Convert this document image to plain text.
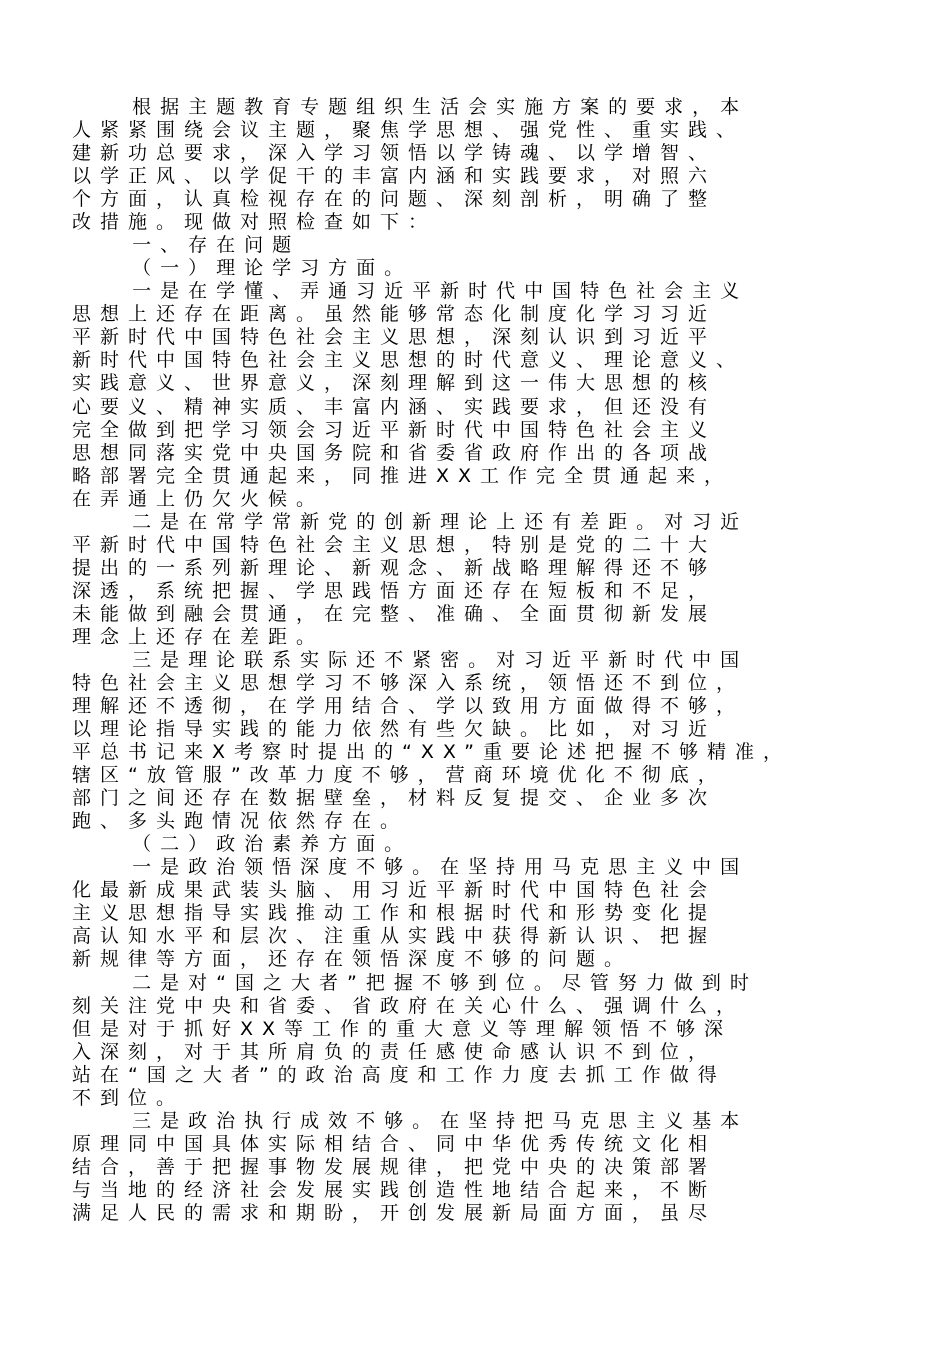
根据主题教育专题组织生活会实施方案的要求，本
人紧紧围绕会议主题，聚焦学思想、强党性、重实践、
建新功总要求，深入学习领悟以学铸魂、以学增智、
以学正风、以学促干的丰富内涵和实践要求，对照六
个方面，认真检视存在的问题、深刻剖析，明确了整
改措施。现做对照检查如下：
一、存在问题
（一）理论学习方面。
一是在学懂、弄通习近平新时代中国特色社会主义
思想上还存在距离。虽然能够常态化制度化学习习近
平新时代中国特色社会主义思想，深刻认识到习近平
新时代中国特色社会主义思想的时代意义、理论意义、
实践意义、世界意义，深刻理解到这一伟大思想的核
心要义、精神实质、丰富内涵、实践要求，但还没有
完全做到把学习领会习近平新时代中国特色社会主义
思想同落实党中央国务院和省委省政府作出的各项战
略部署完全贯通起来，同推进XX工作完全贯通起来，
在弄通上仍欠火候。
二是在常学常新党的创新理论上还有差距。对习近
平新时代中国特色社会主义思想，特别是党的二十大
提出的一系列新理论、新观念、新战略理解得还不够
深透，系统把握、学思践悟方面还存在短板和不足，
未能做到融会贯通，在完整、准确、全面贯彻新发展
理念上还存在差距。
三是理论联系实际还不紧密。对习近平新时代中国
特色社会主义思想学习不够深入系统，领悟还不到位，
理解还不透彻，在学用结合、学以致用方面做得不够，
以理论指导实践的能力依然有些欠缺。比如，对习近
平总书记来X考察时提出的“XX”重要论述把握不够精准，
辖区“放管服”改革力度不够，营商环境优化不彻底，
部门之间还存在数据壁垒，材料反复提交、企业多次
跑、多头跑情况依然存在。
（二）政治素养方面。
一是政治领悟深度不够。在坚持用马克思主义中国
化最新成果武装头脑、用习近平新时代中国特色社会
主义思想指导实践推动工作和根据时代和形势变化提
高认知水平和层次、注重从实践中获得新认识、把握
新规律等方面，还存在领悟深度不够的问题。
二是对“国之大者”把握不够到位。尽管努力做到时
刻关注党中央和省委、省政府在关心什么、强调什么，
但是对于抓好XX等工作的重大意义等理解领悟不够深
入深刻，对于其所肩负的责任感使命感认识不到位，
站在“国之大者”的政治高度和工作力度去抓工作做得
不到位。
三是政治执行成效不够。在坚持把马克思主义基本
原理同中国具体实际相结合、同中华优秀传统文化相
结合，善于把握事物发展规律，把党中央的决策部署
与当地的经济社会发展实践创造性地结合起来，不断
满足人民的需求和期盼，开创发展新局面方面，虽尽
